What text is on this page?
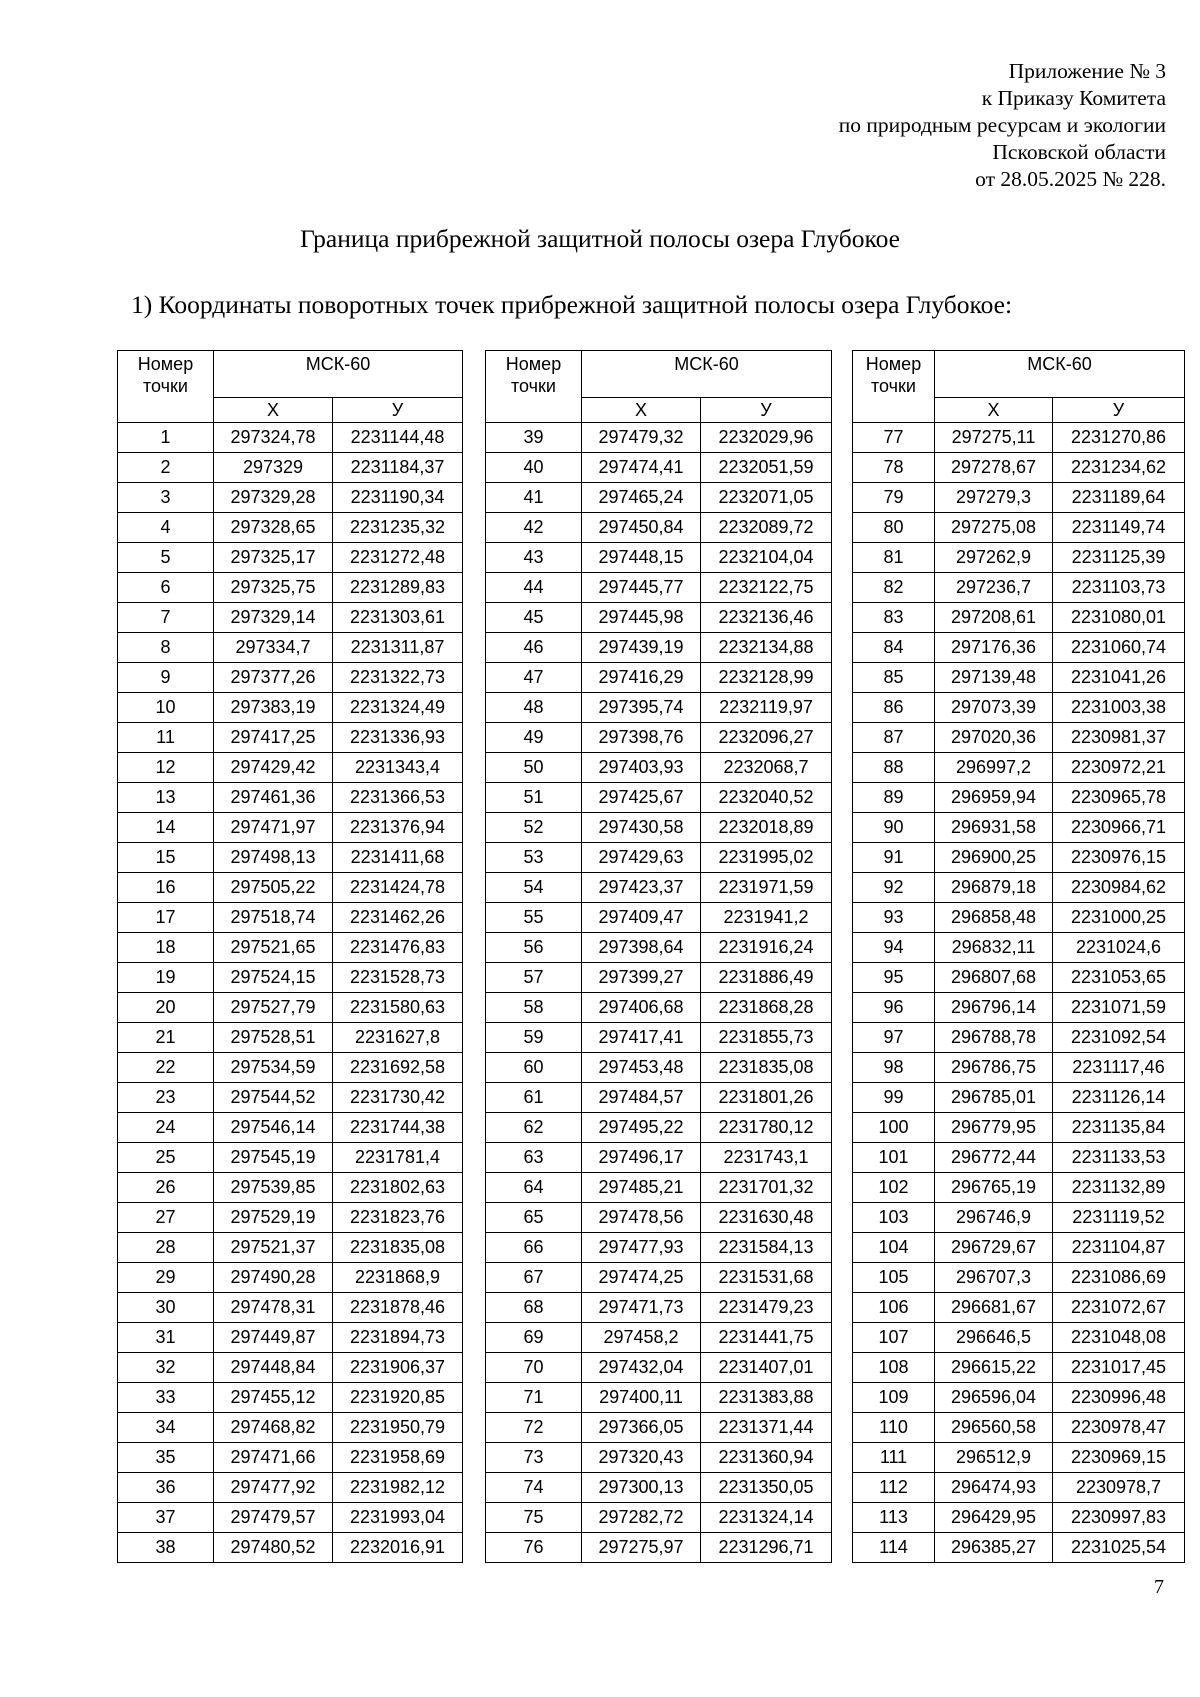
Приложение № 3
к Приказу Комитета
по природным ресурсам и экологии
Псковской области
от 28.05.2025 № 228.
Граница прибрежной защитной полосы озера Глубокое
1) Координаты поворотных точек прибрежной защитной полосы озера Глубокое:
Номер
точки	МСК-60	
	Х	У
1	297324,78	2231144,48
2	297329	2231184,37
3	297329,28	2231190,34
4	297328,65	2231235,32
5	297325,17	2231272,48
6	297325,75	2231289,83
7	297329,14	2231303,61
8	297334,7	2231311,87
9	297377,26	2231322,73
10	297383,19	2231324,49
11	297417,25	2231336,93
12	297429,42	2231343,4
13	297461,36	2231366,53
14	297471,97	2231376,94
15	297498,13	2231411,68
16	297505,22	2231424,78
17	297518,74	2231462,26
18	297521,65	2231476,83
19	297524,15	2231528,73
20	297527,79	2231580,63
21	297528,51	2231627,8
22	297534,59	2231692,58
23	297544,52	2231730,42
24	297546,14	2231744,38
25	297545,19	2231781,4
26	297539,85	2231802,63
27	297529,19	2231823,76
28	297521,37	2231835,08
29	297490,28	2231868,9
30	297478,31	2231878,46
31	297449,87	2231894,73
32	297448,84	2231906,37
33	297455,12	2231920,85
34	297468,82	2231950,79
35	297471,66	2231958,69
36	297477,92	2231982,12
37	297479,57	2231993,04
38	297480,52	2232016,91
Номер
точки	МСК-60	
	Х	У
39	297479,32	2232029,96
40	297474,41	2232051,59
41	297465,24	2232071,05
42	297450,84	2232089,72
43	297448,15	2232104,04
44	297445,77	2232122,75
45	297445,98	2232136,46
46	297439,19	2232134,88
47	297416,29	2232128,99
48	297395,74	2232119,97
49	297398,76	2232096,27
50	297403,93	2232068,7
51	297425,67	2232040,52
52	297430,58	2232018,89
53	297429,63	2231995,02
54	297423,37	2231971,59
55	297409,47	2231941,2
56	297398,64	2231916,24
57	297399,27	2231886,49
58	297406,68	2231868,28
59	297417,41	2231855,73
60	297453,48	2231835,08
61	297484,57	2231801,26
62	297495,22	2231780,12
63	297496,17	2231743,1
64	297485,21	2231701,32
65	297478,56	2231630,48
66	297477,93	2231584,13
67	297474,25	2231531,68
68	297471,73	2231479,23
69	297458,2	2231441,75
70	297432,04	2231407,01
71	297400,11	2231383,88
72	297366,05	2231371,44
73	297320,43	2231360,94
74	297300,13	2231350,05
75	297282,72	2231324,14
76	297275,97	2231296,71
Номер
точки	МСК-60	
	Х	У
77	297275,11	2231270,86
78	297278,67	2231234,62
79	297279,3	2231189,64
80	297275,08	2231149,74
81	297262,9	2231125,39
82	297236,7	2231103,73
83	297208,61	2231080,01
84	297176,36	2231060,74
85	297139,48	2231041,26
86	297073,39	2231003,38
87	297020,36	2230981,37
88	296997,2	2230972,21
89	296959,94	2230965,78
90	296931,58	2230966,71
91	296900,25	2230976,15
92	296879,18	2230984,62
93	296858,48	2231000,25
94	296832,11	2231024,6
95	296807,68	2231053,65
96	296796,14	2231071,59
97	296788,78	2231092,54
98	296786,75	2231117,46
99	296785,01	2231126,14
100	296779,95	2231135,84
101	296772,44	2231133,53
102	296765,19	2231132,89
103	296746,9	2231119,52
104	296729,67	2231104,87
105	296707,3	2231086,69
106	296681,67	2231072,67
107	296646,5	2231048,08
108	296615,22	2231017,45
109	296596,04	2230996,48
110	296560,58	2230978,47
111	296512,9	2230969,15
112	296474,93	2230978,7
113	296429,95	2230997,83
114	296385,27	2231025,54
7
